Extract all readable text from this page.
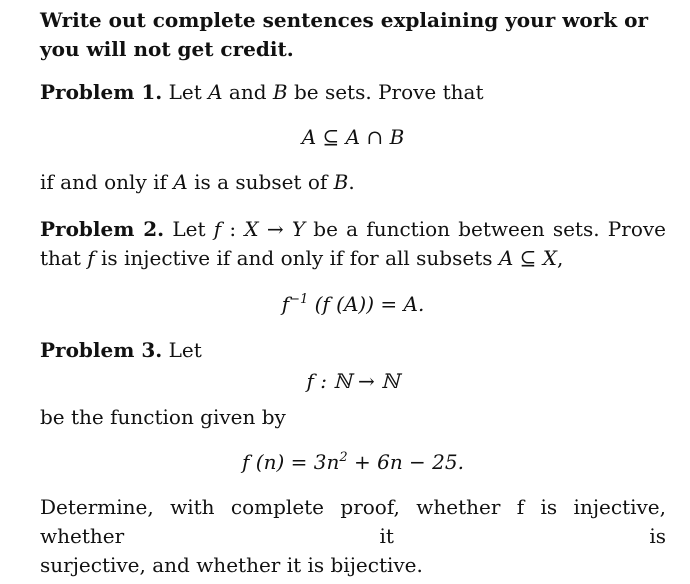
Write out complete sentences explaining your work or

you will not get credit.

Problem 1. Let A and B be sets. Prove that

A ⊆ A ∩ B

if and only if A is a subset of B.

Problem 2. Let f : X → Y be a function between sets. Prove

that f is injective if and only if for all subsets A ⊆ X,

$f^{-1}$ (f (A)) = A.

Problem 3. Let

f : ℕ → ℕ

be the function given by

f $(n) = 3n^2 + 6n - 25$.

Determine, with complete proof, whether f is injective, whether it is

surjective, and whether it is bijective.
